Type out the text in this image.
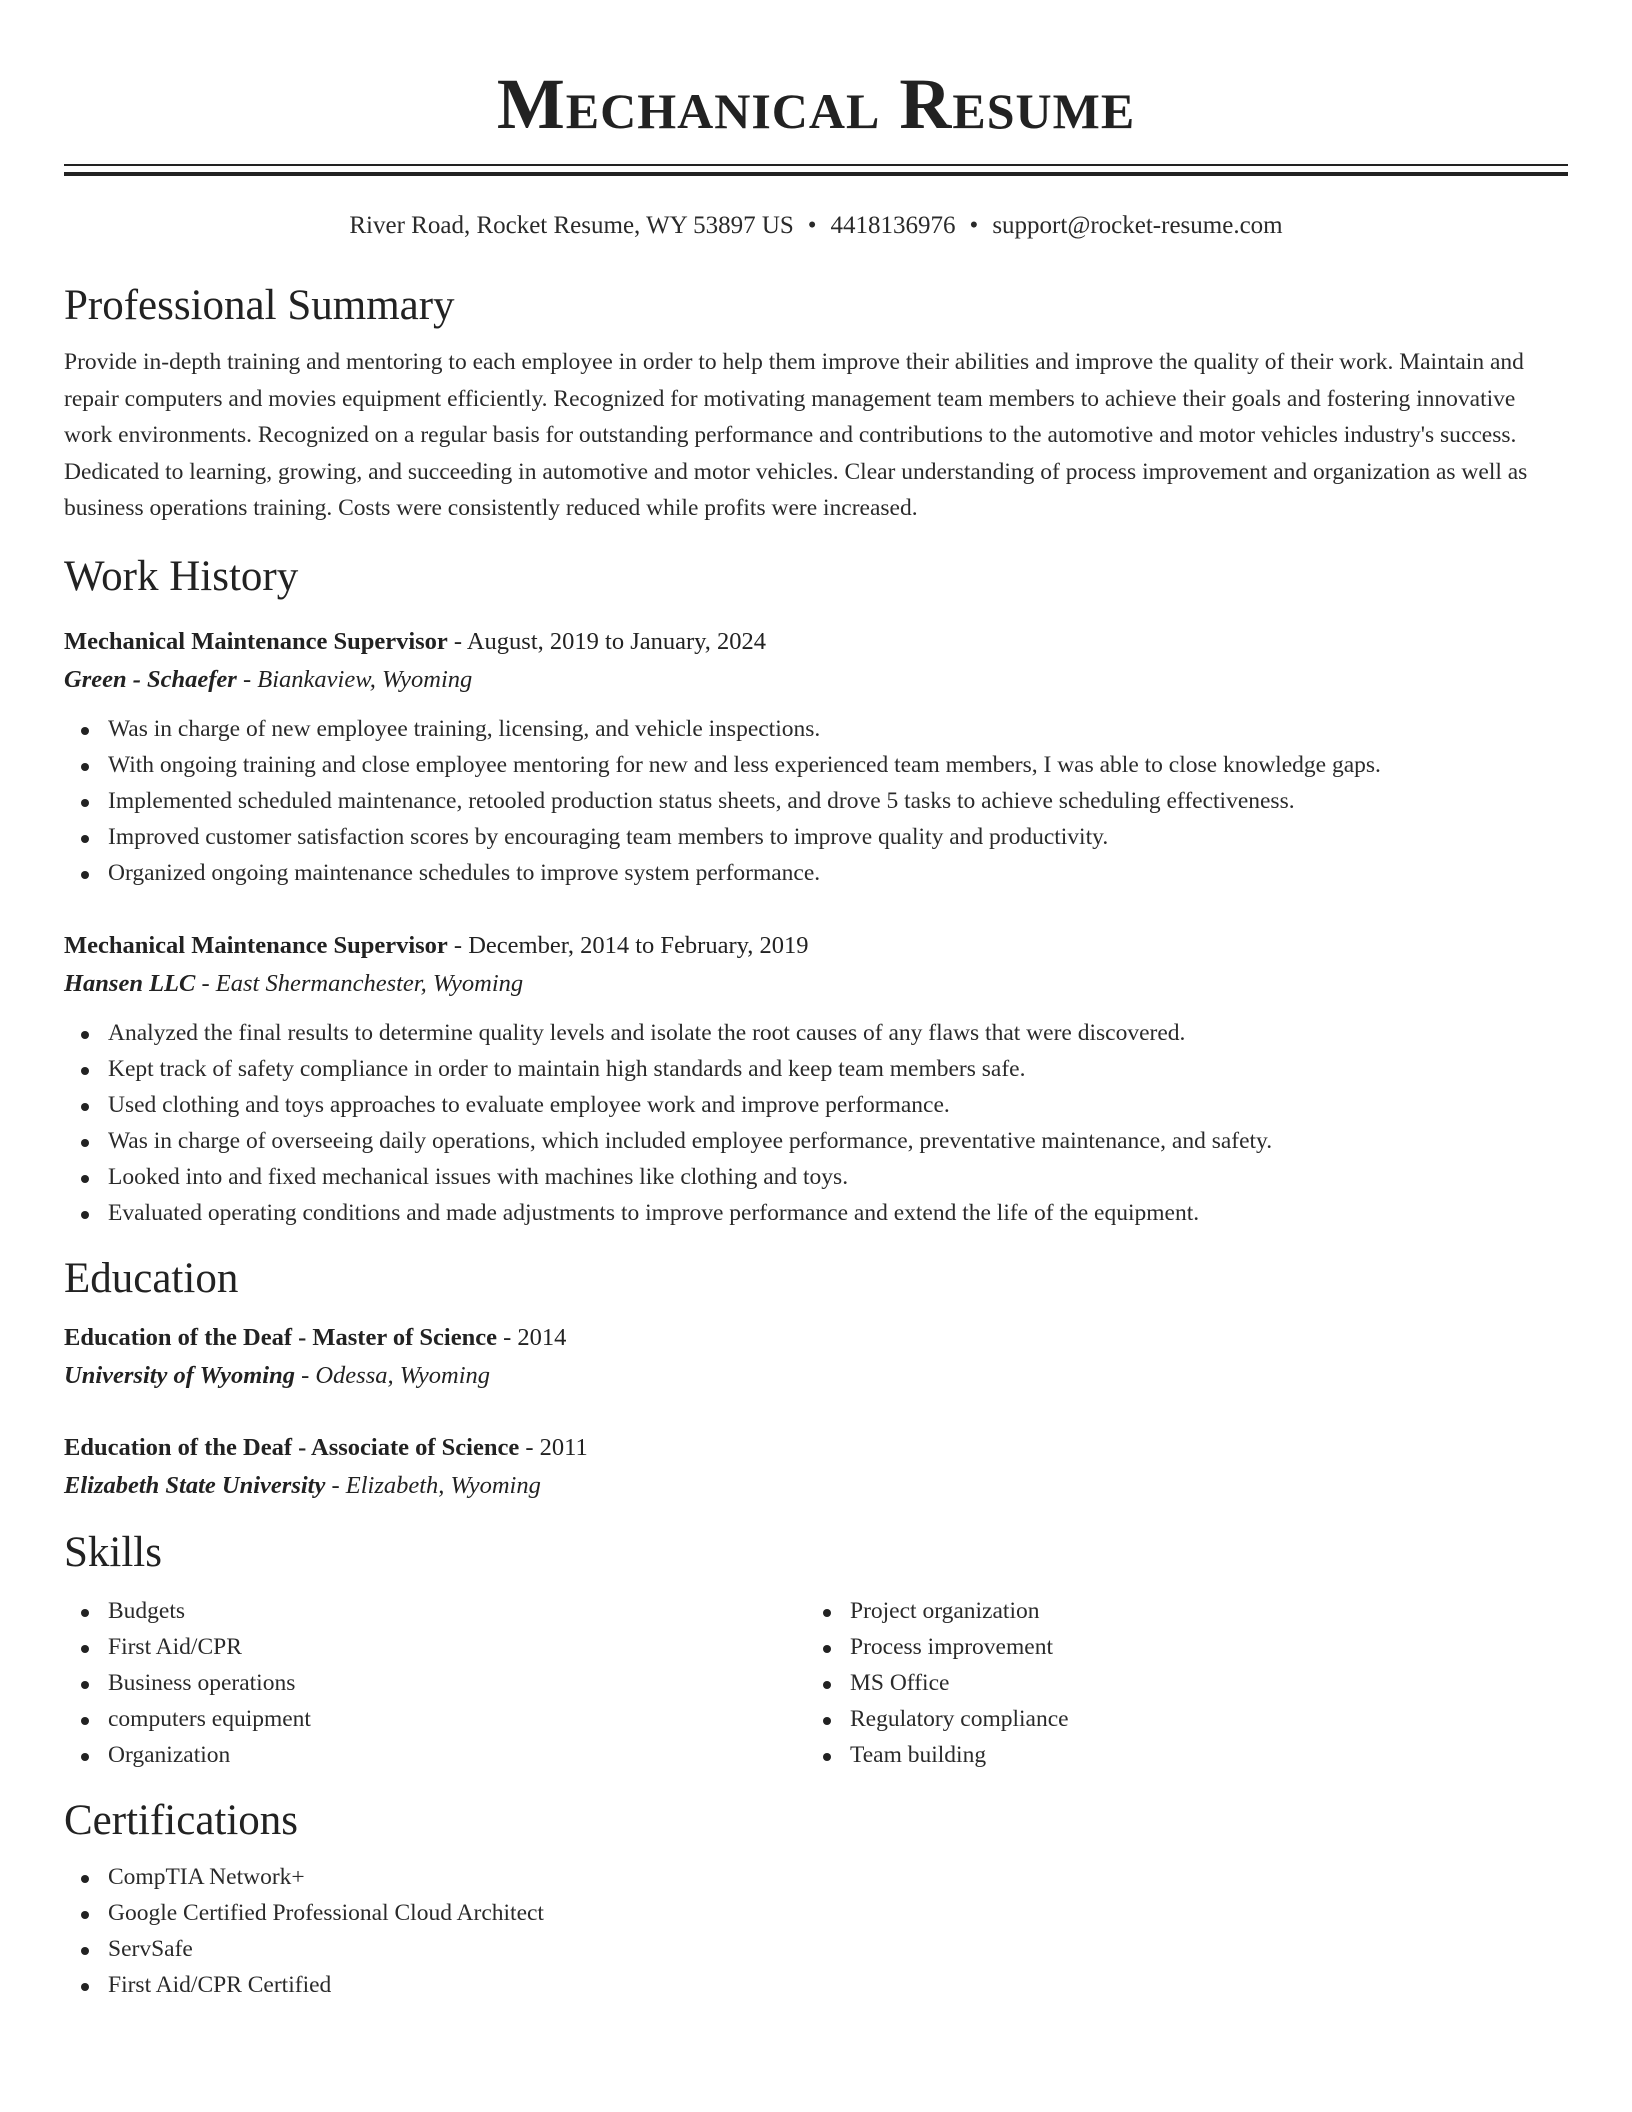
Mechanical Resume
River Road, Rocket Resume, WY 53897 US • 4418136976 • support@rocket-resume.com
Professional Summary
Provide in-depth training and mentoring to each employee in order to help them improve their abilities and improve the quality of their work. Maintain and repair computers and movies equipment efficiently. Recognized for motivating management team members to achieve their goals and fostering innovative work environments. Recognized on a regular basis for outstanding performance and contributions to the automotive and motor vehicles industry's success. Dedicated to learning, growing, and succeeding in automotive and motor vehicles. Clear understanding of process improvement and organization as well as business operations training. Costs were consistently reduced while profits were increased.
Work History
Mechanical Maintenance Supervisor - August, 2019 to January, 2024
Green - Schaefer - Biankaview, Wyoming
Was in charge of new employee training, licensing, and vehicle inspections.
With ongoing training and close employee mentoring for new and less experienced team members, I was able to close knowledge gaps.
Implemented scheduled maintenance, retooled production status sheets, and drove 5 tasks to achieve scheduling effectiveness.
Improved customer satisfaction scores by encouraging team members to improve quality and productivity.
Organized ongoing maintenance schedules to improve system performance.
Mechanical Maintenance Supervisor - December, 2014 to February, 2019
Hansen LLC - East Shermanchester, Wyoming
Analyzed the final results to determine quality levels and isolate the root causes of any flaws that were discovered.
Kept track of safety compliance in order to maintain high standards and keep team members safe.
Used clothing and toys approaches to evaluate employee work and improve performance.
Was in charge of overseeing daily operations, which included employee performance, preventative maintenance, and safety.
Looked into and fixed mechanical issues with machines like clothing and toys.
Evaluated operating conditions and made adjustments to improve performance and extend the life of the equipment.
Education
Education of the Deaf - Master of Science - 2014
University of Wyoming - Odessa, Wyoming
Education of the Deaf - Associate of Science - 2011
Elizabeth State University - Elizabeth, Wyoming
Skills
Budgets
First Aid/CPR
Business operations
computers equipment
Organization
Project organization
Process improvement
MS Office
Regulatory compliance
Team building
Certifications
CompTIA Network+
Google Certified Professional Cloud Architect
ServSafe
First Aid/CPR Certified
